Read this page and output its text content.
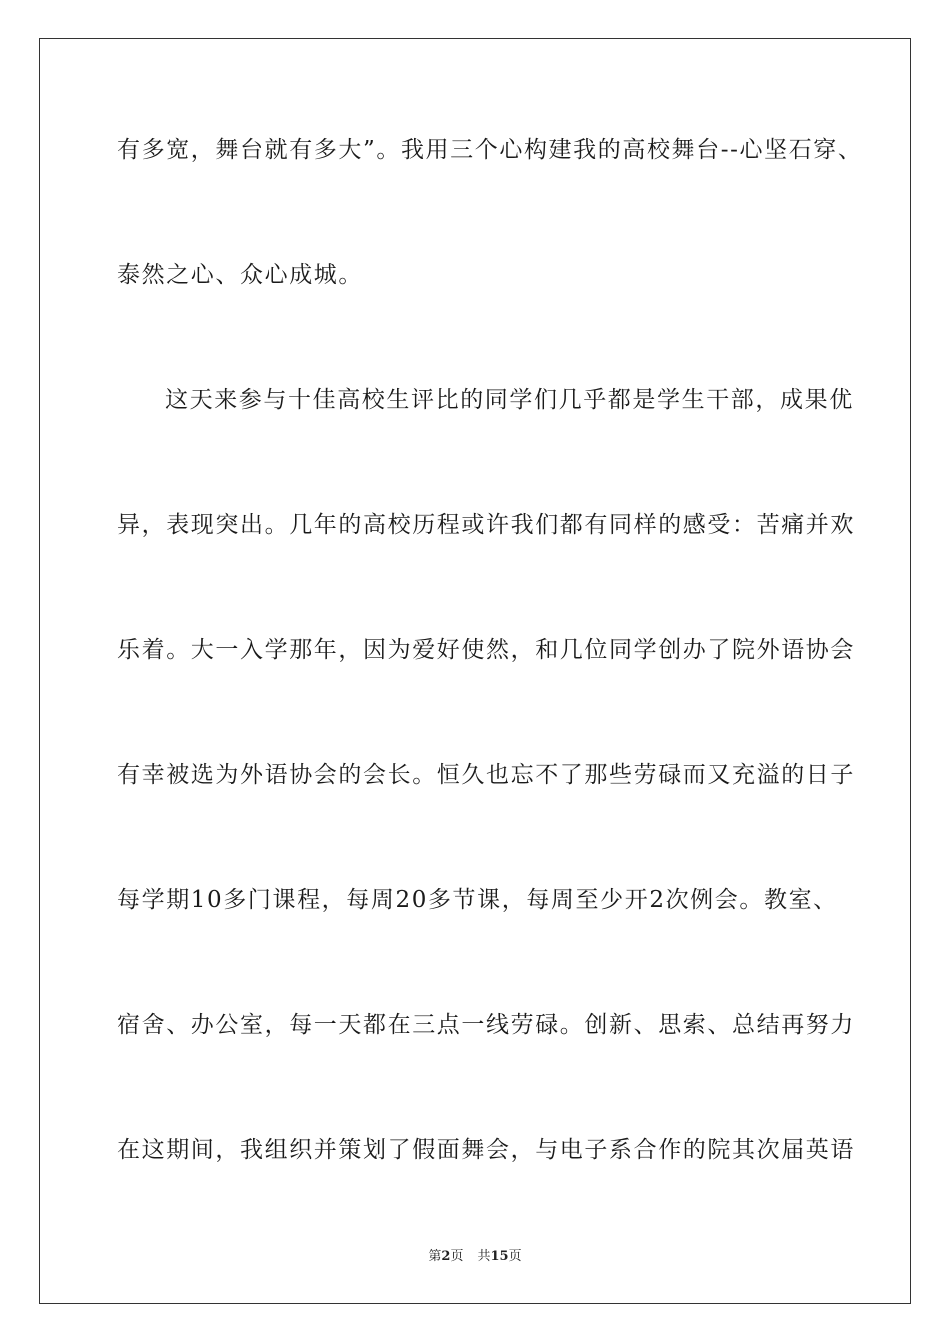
有多宽，舞台就有多大”。我用三个心构建我的高校舞台--心坚石穿、
泰然之心、众心成城。
这天来参与十佳高校生评比的同学们几乎都是学生干部，成果优
异，表现突出。几年的高校历程或许我们都有同样的感受：苦痛并欢
乐着。大一入学那年，因为爱好使然，和几位同学创办了院外语协会
有幸被选为外语协会的会长。恒久也忘不了那些劳碌而又充溢的日子
每学期10多门课程，每周20多节课，每周至少开2次例会。教室、
宿舍、办公室，每一天都在三点一线劳碌。创新、思索、总结再努力
在这期间，我组织并策划了假面舞会，与电子系合作的院其次届英语
第2页 共15页
